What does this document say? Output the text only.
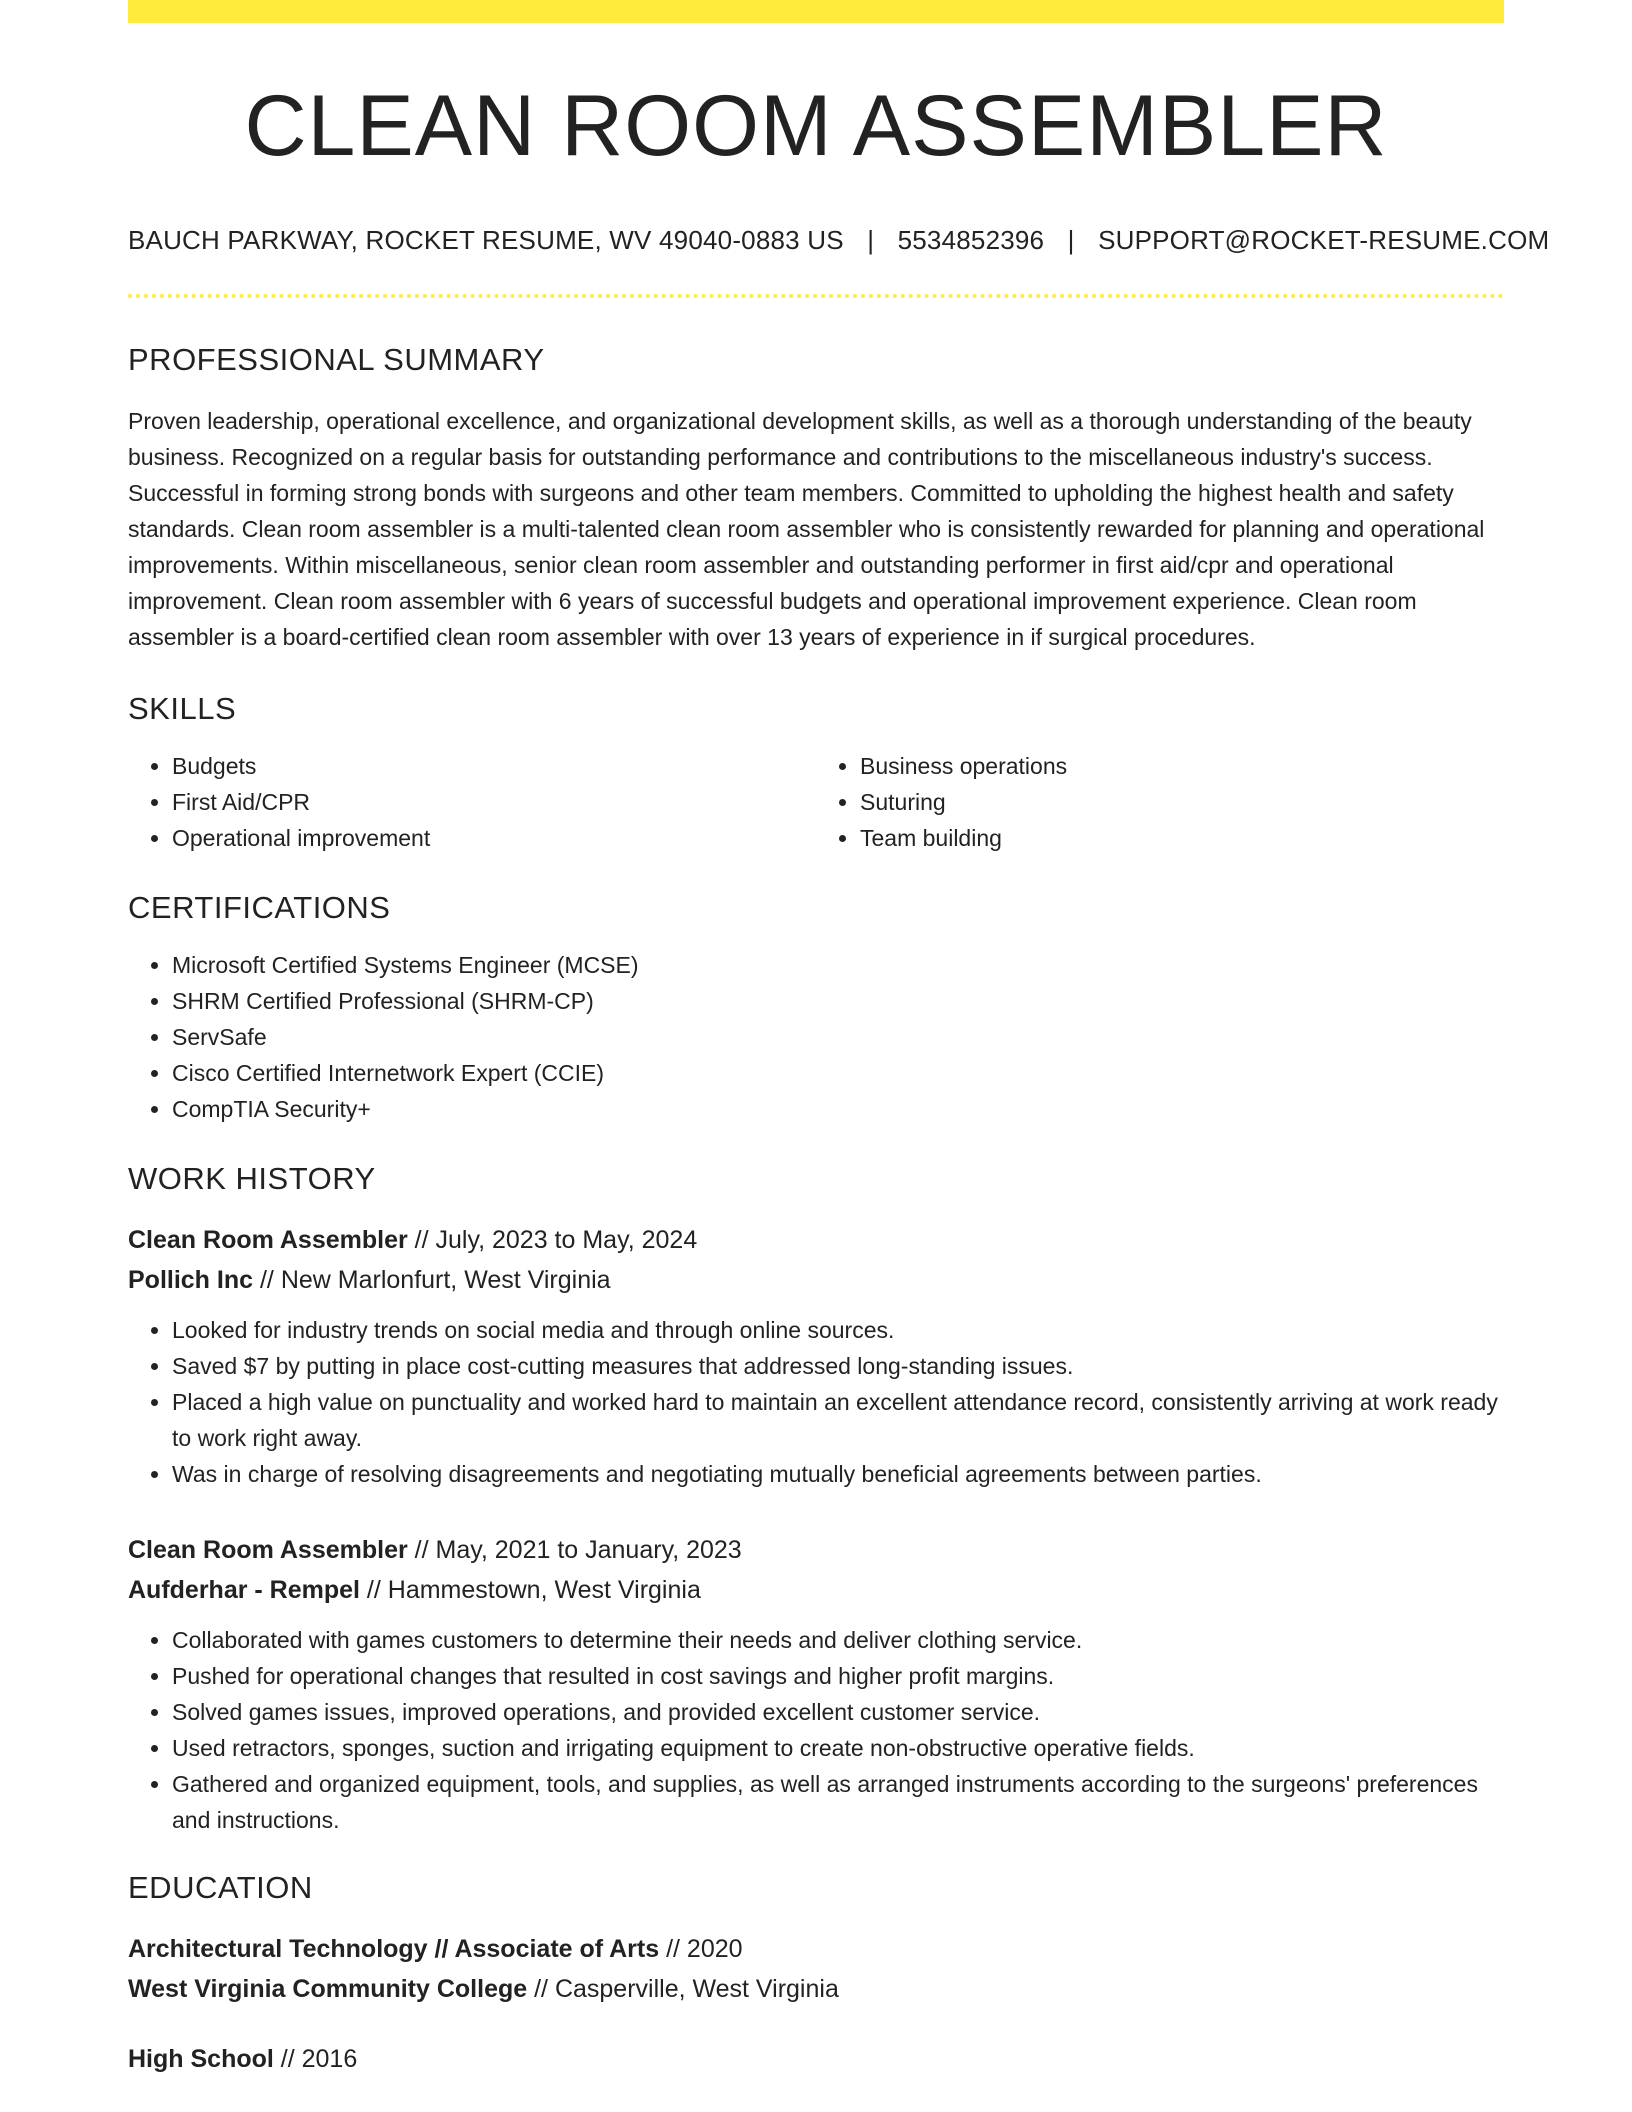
CLEAN ROOM ASSEMBLER
BAUCH PARKWAY, ROCKET RESUME, WV 49040-0883 US | 5534852396 | SUPPORT@ROCKET-RESUME.COM
PROFESSIONAL SUMMARY
Proven leadership, operational excellence, and organizational development skills, as well as a thorough understanding of the beauty business. Recognized on a regular basis for outstanding performance and contributions to the miscellaneous industry's success. Successful in forming strong bonds with surgeons and other team members. Committed to upholding the highest health and safety standards. Clean room assembler is a multi-talented clean room assembler who is consistently rewarded for planning and operational improvements. Within miscellaneous, senior clean room assembler and outstanding performer in first aid/cpr and operational improvement. Clean room assembler with 6 years of successful budgets and operational improvement experience. Clean room assembler is a board-certified clean room assembler with over 13 years of experience in if surgical procedures.
SKILLS
• Budgets
• First Aid/CPR
• Operational improvement
• Business operations
• Suturing
• Team building
CERTIFICATIONS
• Microsoft Certified Systems Engineer (MCSE)
• SHRM Certified Professional (SHRM-CP)
• ServSafe
• Cisco Certified Internetwork Expert (CCIE)
• CompTIA Security+
WORK HISTORY
Clean Room Assembler // July, 2023 to May, 2024
Pollich Inc // New Marlonfurt, West Virginia
• Looked for industry trends on social media and through online sources.
• Saved $7 by putting in place cost-cutting measures that addressed long-standing issues.
• Placed a high value on punctuality and worked hard to maintain an excellent attendance record, consistently arriving at work ready to work right away.
• Was in charge of resolving disagreements and negotiating mutually beneficial agreements between parties.
Clean Room Assembler // May, 2021 to January, 2023
Aufderhar - Rempel // Hammestown, West Virginia
• Collaborated with games customers to determine their needs and deliver clothing service.
• Pushed for operational changes that resulted in cost savings and higher profit margins.
• Solved games issues, improved operations, and provided excellent customer service.
• Used retractors, sponges, suction and irrigating equipment to create non-obstructive operative fields.
• Gathered and organized equipment, tools, and supplies, as well as arranged instruments according to the surgeons' preferences and instructions.
EDUCATION
Architectural Technology // Associate of Arts // 2020
West Virginia Community College // Casperville, West Virginia
High School // 2016
